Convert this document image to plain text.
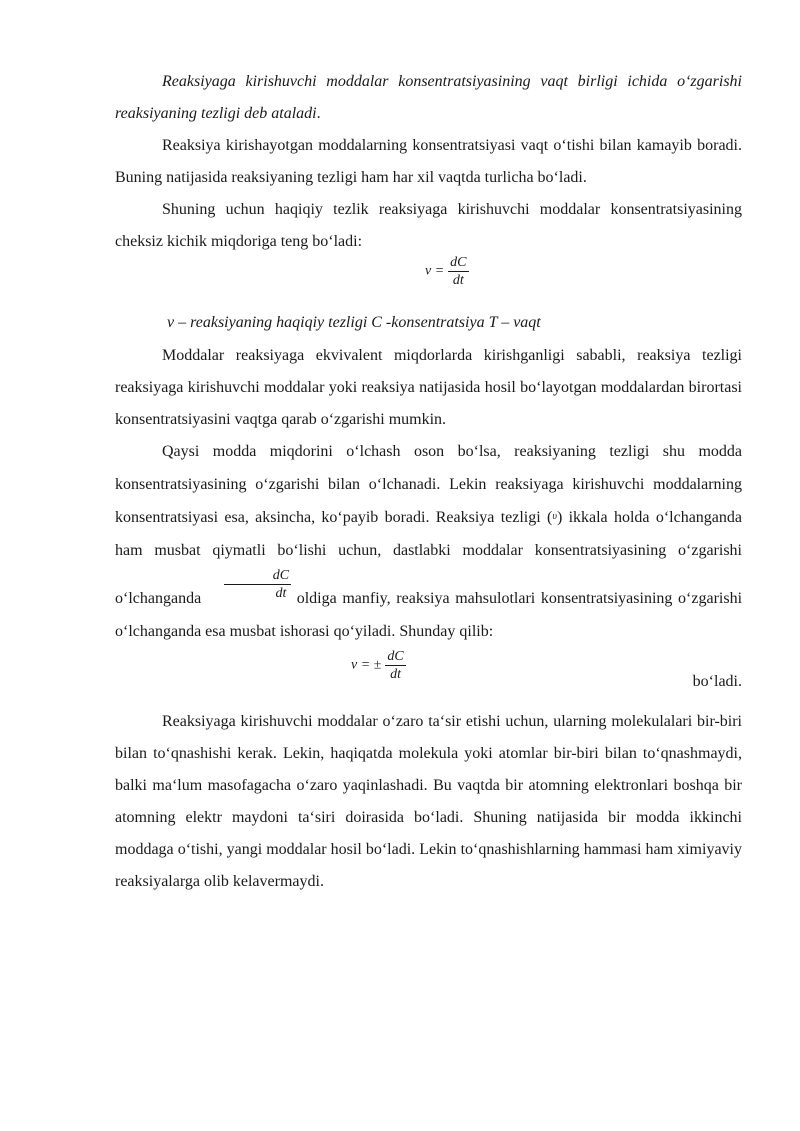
Reaksiyaga kirishuvchi moddalar konsentratsiyasining vaqt birligi ichida o‘zgarishi reaksiyaning tezligi deb ataladi.

Reaksiya kirishayotgan moddalarning konsentratsiyasi vaqt o‘tishi bilan kamayib boradi. Buning natijasida reaksiyaning tezligi ham har xil vaqtda turlicha bo‘ladi.

Shuning uchun haqiqiy tezlik reaksiyaga kirishuvchi moddalar konsentratsiyasining cheksiz kichik miqdoriga teng bo‘ladi:

$v = \frac{dC}{dt}$
v – reaksiyaning haqiqiy tezligi C -konsentratsiya T – vaqt

Moddalar reaksiyaga ekvivalent miqdorlarda kirishganligi sababli, reaksiya tezligi reaksiyaga kirishuvchi moddalar yoki reaksiya natijasida hosil bo‘layotgan moddalardan birortasi konsentratsiyasini vaqtga qarab o‘zgarishi mumkin.

Qaysi modda miqdorini o‘lchash oson bo‘lsa, reaksiyaning tezligi shu modda konsentratsiyasining o‘zgarishi bilan o‘lchanadi. Lekin reaksiyaga kirishuvchi moddalarning konsentratsiyasi esa, aksincha, ko‘payib boradi. Reaksiya tezligi (υ) ikkala holda o‘lchanganda ham musbat qiymatli bo‘lishi uchun, dastlabki moddalar konsentratsiyasining o‘zgarishi o‘lchanganda $\frac{dC}{dt}$ oldiga manfiy, reaksiya mahsulotlari konsentratsiyasining o‘zgarishi o‘lchanganda esa musbat ishorasi qo‘yiladi. Shunday qilib:

v = ± $\frac{dC}{dt}$	bo‘ladi.

Reaksiyaga kirishuvchi moddalar o‘zaro ta‘sir etishi uchun, ularning molekulalari bir-biri bilan to‘qnashishi kerak. Lekin, haqiqatda molekula yoki atomlar bir-biri bilan to‘qnashmaydi, balki ma‘lum masofagacha o‘zaro yaqinlashadi. Bu vaqtda bir atomning elektronlari boshqa bir atomning elektr maydoni ta‘siri doirasida bo‘ladi. Shuning natijasida bir modda ikkinchi moddaga o‘tishi, yangi moddalar hosil bo‘ladi. Lekin to‘qnashishlarning hammasi ham ximiyaviy reaksiyalarga olib kelavermaydi.
